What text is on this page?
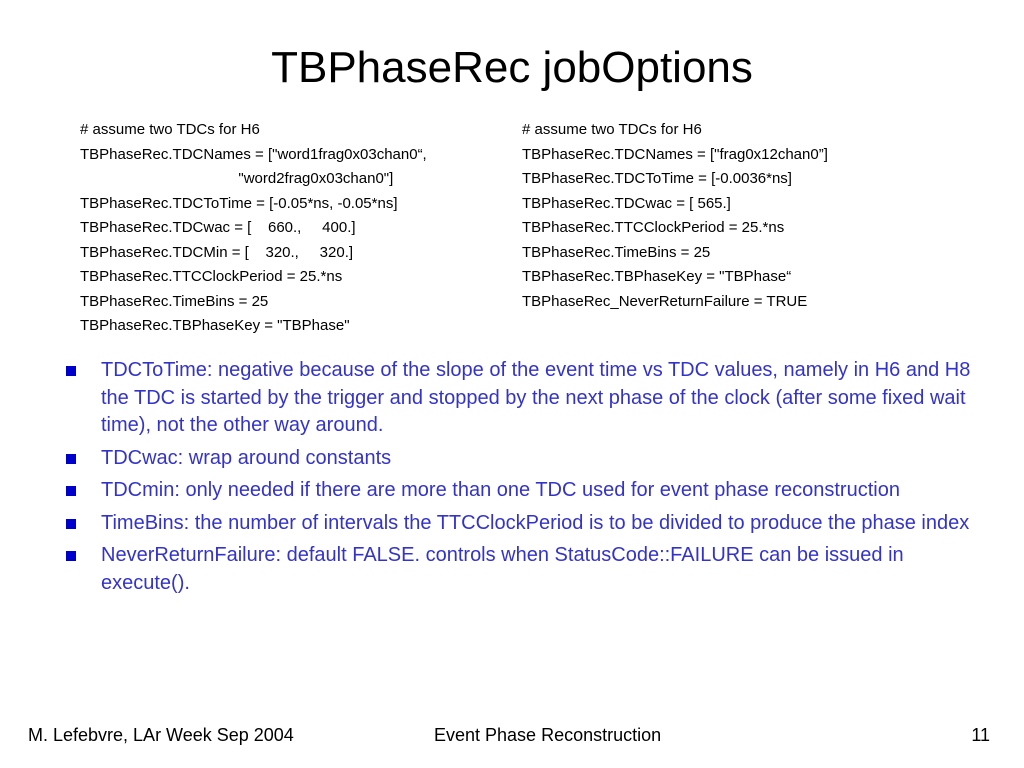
TBPhaseRec jobOptions
# assume two TDCs for H6
TBPhaseRec.TDCNames = ["word1frag0x03chan0“,
"word2frag0x03chan0"]
TBPhaseRec.TDCToTime = [-0.05*ns, -0.05*ns]
TBPhaseRec.TDCwac = [    660.,     400.]
TBPhaseRec.TDCMin = [    320.,     320.]
TBPhaseRec.TTCClockPeriod = 25.*ns
TBPhaseRec.TimeBins = 25
TBPhaseRec.TBPhaseKey = "TBPhase"
# assume two TDCs for H6
TBPhaseRec.TDCNames = ["frag0x12chan0”]
TBPhaseRec.TDCToTime = [-0.0036*ns]
TBPhaseRec.TDCwac = [ 565.]
TBPhaseRec.TTCClockPeriod = 25.*ns
TBPhaseRec.TimeBins = 25
TBPhaseRec.TBPhaseKey = "TBPhase“
TBPhaseRec_NeverReturnFailure = TRUE
TDCToTime: negative because of the slope of the event time vs TDC values, namely in H6 and H8 the TDC is started by the trigger and stopped by the next phase of the clock (after some fixed wait time), not the other way around.
TDCwac: wrap around constants
TDCmin: only needed if there are more than one TDC used for event phase reconstruction
TimeBins: the number of intervals the TTCClockPeriod is to be divided to produce the phase index
NeverReturnFailure: default FALSE. controls when StatusCode::FAILURE can be issued in execute().
M. Lefebvre, LAr Week Sep 2004	Event Phase Reconstruction	11
